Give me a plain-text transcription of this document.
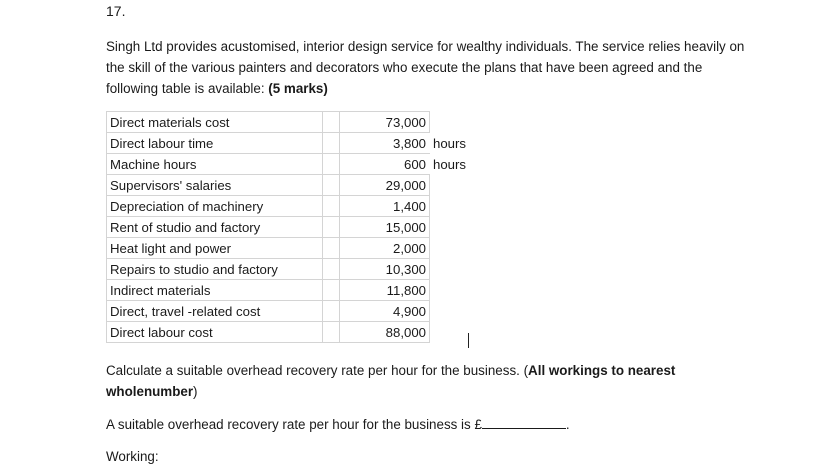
17.
Singh Ltd provides acustomised, interior design service for wealthy individuals. The service relies heavily on the skill of the various painters and decorators who execute the plans that have been agreed and the following table is available: (5 marks)
Direct materials cost		73,000	
Direct labour time		3,800	hours
Machine hours		600	hours
Supervisors' salaries		29,000	
Depreciation of machinery		1,400	
Rent of studio and factory		15,000	
Heat light and power		2,000	
Repairs to studio and factory		10,300	
Indirect materials		11,800	
Direct, travel -related cost		4,900	
Direct labour cost		88,000	
Calculate a suitable overhead recovery rate per hour for the business. (All workings to nearest wholenumber)
A suitable overhead recovery rate per hour for the business is £	.
Working:
